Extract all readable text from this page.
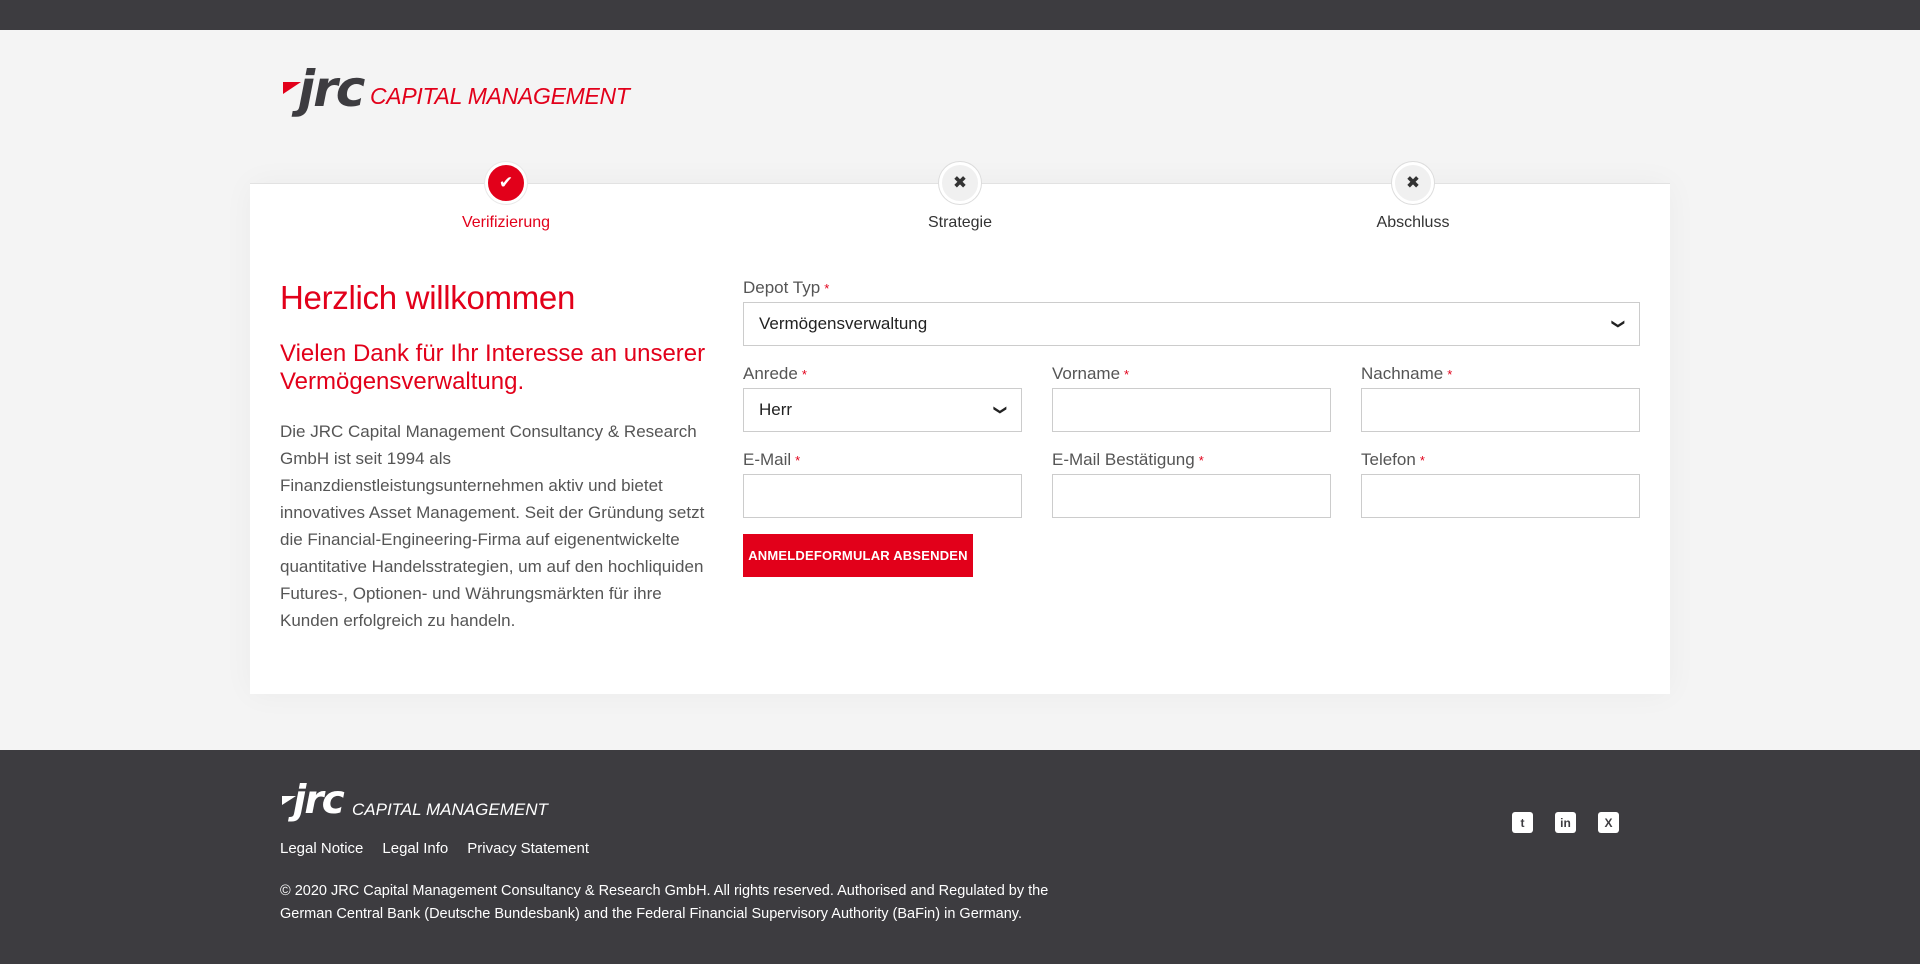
jrc CAPITAL MANAGEMENT
✔
Verifizierung
✖
Strategie
✖
Abschluss
Herzlich willkommen
Vielen Dank für Ihr Interesse an unserer Vermögensverwaltung.

Die JRC Capital Management Consultancy & Research GmbH ist seit 1994 als Finanzdienstleistungsunternehmen aktiv und bietet innovatives Asset Management. Seit der Gründung setzt die Financial-Engineering-Firma auf eigenentwickelte quantitative Handelsstrategien, um auf den hochliquiden Futures-, Optionen- und Währungsmärkten für ihre Kunden erfolgreich zu handeln.

Depot Typ *
Vermögensverwaltung	❯
Anrede *
Herr	❯
Vorname *	Nachname *
E-Mail *	E-Mail Bestätigung *	Telefon *
ANMELDEFORMULAR ABSENDEN
jrc CAPITAL MANAGEMENT
Legal Notice Legal Info Privacy Statement
© 2020 JRC Capital Management Consultancy & Research GmbH. All rights reserved. Authorised and Regulated by the German Central Bank (Deutsche Bundesbank) and the Federal Financial Supervisory Authority (BaFin) in Germany.
t	in	X
